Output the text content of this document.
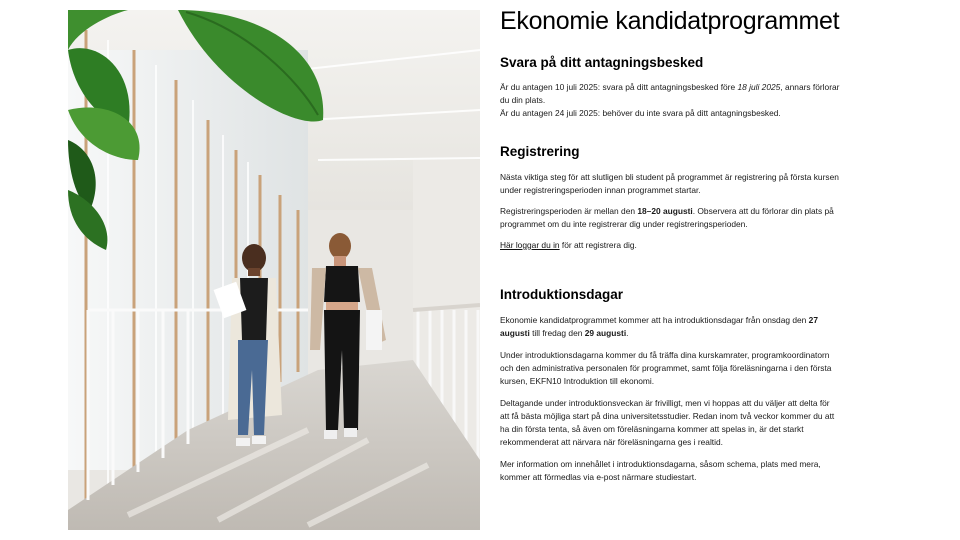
Ekonomie kandidatprogrammet
Svara på ditt antagningsbesked

Är du antagen 10 juli 2025: svara på ditt antagningsbesked före 18 juli 2025, annars förlorar du din plats.
Är du antagen 24 juli 2025: behöver du inte svara på ditt antagningsbesked.

Registrering

Nästa viktiga steg för att slutligen bli student på programmet är registrering på första kursen under registreringsperioden innan programmet startar.

Registreringsperioden är mellan den 18–20 augusti. Observera att du förlorar din plats på programmet om du inte registrerar dig under registreringsperioden.

Här loggar du in för att registrera dig.

Introduktionsdagar

Ekonomie kandidatprogrammet kommer att ha introduktionsdagar från onsdag den 27 augusti till fredag den 29 augusti.

Under introduktionsdagarna kommer du få träffa dina kurskamrater, programkoordinatorn och den administrativa personalen för programmet, samt följa föreläsningarna i den första kursen, EKFN10 Introduktion till ekonomi.

Deltagande under introduktionsveckan är frivilligt, men vi hoppas att du väljer att delta för att få bästa möjliga start på dina universitetsstudier. Redan inom två veckor kommer du att ha din första tenta, så även om föreläsningarna kommer att spelas in, är det starkt rekommenderat att närvara när föreläsningarna ges i realtid.

Mer information om innehållet i introduktionsdagarna, såsom schema, plats med mera, kommer att förmedlas via e-post närmare studiestart.
